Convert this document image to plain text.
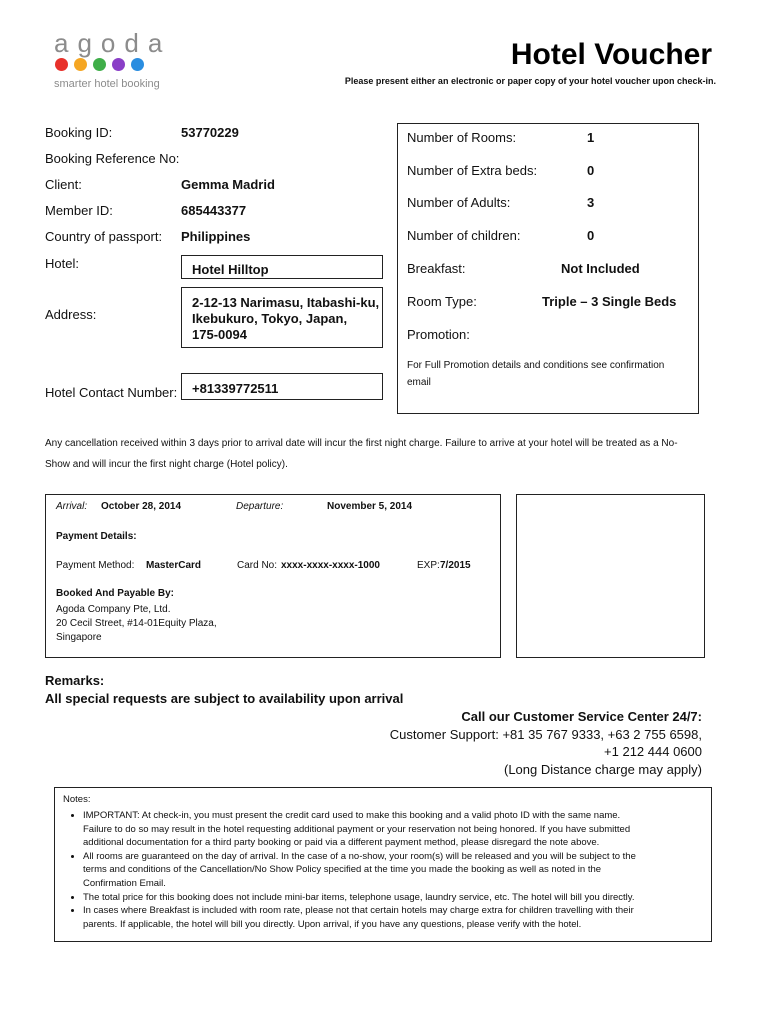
agoda
smarter hotel booking
Hotel Voucher
Please present either an electronic or paper copy of your hotel voucher upon check-in.
Booking ID:	53770229
Booking Reference No:
Client:	Gemma Madrid
Member ID:	685443377
Country of passport: Philippines
Hotel:	Hotel Hilltop
Address:
2-12-13 Narimasu, Itabashi-ku,
Ikebukuro, Tokyo, Japan,
175-0094
Hotel Contact Number: +81339772511
Number of Rooms:	1
Number of Extra beds:	0
Number of Adults:	3
Number of children:	0
Breakfast:	Not Included
Room Type:	Triple – 3 Single Beds
Promotion:
For Full Promotion details and conditions see confirmation
email
Any cancellation received within 3 days prior to arrival date will incur the first night charge. Failure to arrive at your hotel will be treated as a No-
Show and will incur the first night charge (Hotel policy).
Arrival: October 28, 2014	Departure:	November 5, 2014
Payment Details:
Payment Method: MasterCard	Card No: xxxx-xxxx-xxxx-1000	EXP: 7/2015
Booked And Payable By:
Agoda Company Pte, Ltd.
20 Cecil Street, #14-01Equity Plaza,
Singapore
Remarks:
All special requests are subject to availability upon arrival
Call our Customer Service Center 24/7:
Customer Support: +81 35 767 9333, +63 2 755 6598,
+1 212 444 0600
(Long Distance charge may apply)
Notes:
• IMPORTANT: At check-in, you must present the credit card used to make this booking and a valid photo ID with the same name.
Failure to do so may result in the hotel requesting additional payment or your reservation not being honored. If you have submitted
additional documentation for a third party booking or paid via a different payment method, please disregard the note above.
• All rooms are guaranteed on the day of arrival. In the case of a no-show, your room(s) will be released and you will be subject to the
terms and conditions of the Cancellation/No Show Policy specified at the time you made the booking as well as noted in the
Confirmation Email.
• The total price for this booking does not include mini-bar items, telephone usage, laundry service, etc. The hotel will bill you directly.
• In cases where Breakfast is included with room rate, please not that certain hotels may charge extra for children travelling with their
parents. If applicable, the hotel will bill you directly. Upon arrival, if you have any questions, please verify with the hotel.
